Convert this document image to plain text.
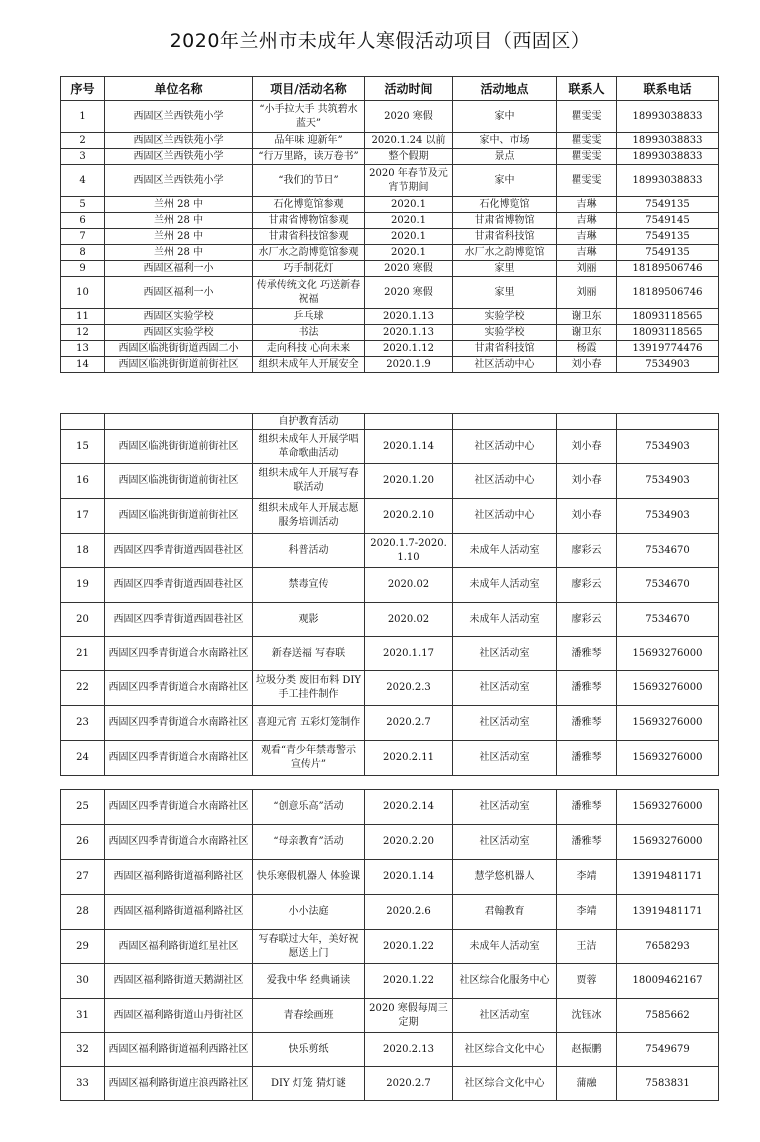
2020年兰州市未成年人寒假活动项目（西固区）
序号	单位名称	项目/活动名称	活动时间	活动地点	联系人	联系电话
1	西固区兰西铁苑小学	“小手拉大手 共筑碧水蓝天”	2020 寒假	家中	瞿雯雯	18993038833
2	西固区兰西铁苑小学	品年味 迎新年”	2020.1.24 以前	家中、市场	瞿雯雯	18993038833
3	西固区兰西铁苑小学	“行万里路，读万卷书”	整个假期	景点	瞿雯雯	18993038833
4	西固区兰西铁苑小学	“我们的节日”	2020 年春节及元宵节期间	家中	瞿雯雯	18993038833
5	兰州 28 中	石化博览馆参观	2020.1	石化博览馆	吉琳	7549135
6	兰州 28 中	甘肃省博物馆参观	2020.1	甘肃省博物馆	吉琳	7549145
7	兰州 28 中	甘肃省科技馆参观	2020.1	甘肃省科技馆	吉琳	7549135
8	兰州 28 中	水厂水之韵博览馆参观	2020.1	水厂水之韵博览馆	吉琳	7549135
9	西固区福利一小	巧手制花灯	2020 寒假	家里	刘丽	18189506746
10	西固区福利一小	传承传统文化 巧送新春祝福	2020 寒假	家里	刘丽	18189506746
11	西固区实验学校	乒乓球	2020.1.13	实验学校	谢卫东	18093118565
12	西固区实验学校	书法	2020.1.13	实验学校	谢卫东	18093118565
13	西固区临洮街街道西固二小	走向科技 心向未来	2020.1.12	甘肃省科技馆	杨霞	13919774476
14	西固区临洮街街道前街社区	组织未成年人开展安全	2020.1.9	社区活动中心	刘小春	7534903
		自护教育活动				
15	西固区临洮街街道前街社区	组织未成年人开展学唱革命歌曲活动	2020.1.14	社区活动中心	刘小春	7534903
16	西固区临洮街街道前街社区	组织未成年人开展写春联活动	2020.1.20	社区活动中心	刘小春	7534903
17	西固区临洮街街道前街社区	组织未成年人开展志愿服务培训活动	2020.2.10	社区活动中心	刘小春	7534903
18	西固区四季青街道西固巷社区	科普活动	2020.1.7-2020.1.10	未成年人活动室	廖彩云	7534670
19	西固区四季青街道西固巷社区	禁毒宣传	2020.02	未成年人活动室	廖彩云	7534670
20	西固区四季青街道西固巷社区	观影	2020.02	未成年人活动室	廖彩云	7534670
21	西固区四季青街道合水南路社区	新春送福 写春联	2020.1.17	社区活动室	潘雅琴	15693276000
22	西固区四季青街道合水南路社区	垃圾分类 废旧布料 DIY 手工挂件制作	2020.2.3	社区活动室	潘雅琴	15693276000
23	西固区四季青街道合水南路社区	喜迎元宵 五彩灯笼制作	2020.2.7	社区活动室	潘雅琴	15693276000
24	西固区四季青街道合水南路社区	观看“青少年禁毒警示宣传片”	2020.2.11	社区活动室	潘雅琴	15693276000
25	西固区四季青街道合水南路社区	“创意乐高”活动	2020.2.14	社区活动室	潘雅琴	15693276000
26	西固区四季青街道合水南路社区	“母亲教育”活动	2020.2.20	社区活动室	潘雅琴	15693276000
27	西固区福利路街道福利路社区	快乐寒假机器人 体验课	2020.1.14	慧学悠机器人	李靖	13919481171
28	西固区福利路街道福利路社区	小小法庭	2020.2.6	君翰教育	李靖	13919481171
29	西固区福利路街道红星社区	写春联过大年，美好祝愿送上门	2020.1.22	未成年人活动室	王洁	7658293
30	西固区福利路街道天鹅湖社区	爱我中华 经典诵读	2020.1.22	社区综合化服务中心	贾蓉	18009462167
31	西固区福利路街道山丹街社区	青春绘画班	2020 寒假每周三定期	社区活动室	沈钰冰	7585662
32	西固区福利路街道福利西路社区	快乐剪纸	2020.2.13	社区综合文化中心	赵振鹏	7549679
33	西固区福利路街道庄浪西路社区	DIY 灯笼 猜灯谜	2020.2.7	社区综合文化中心	蒲融	7583831
